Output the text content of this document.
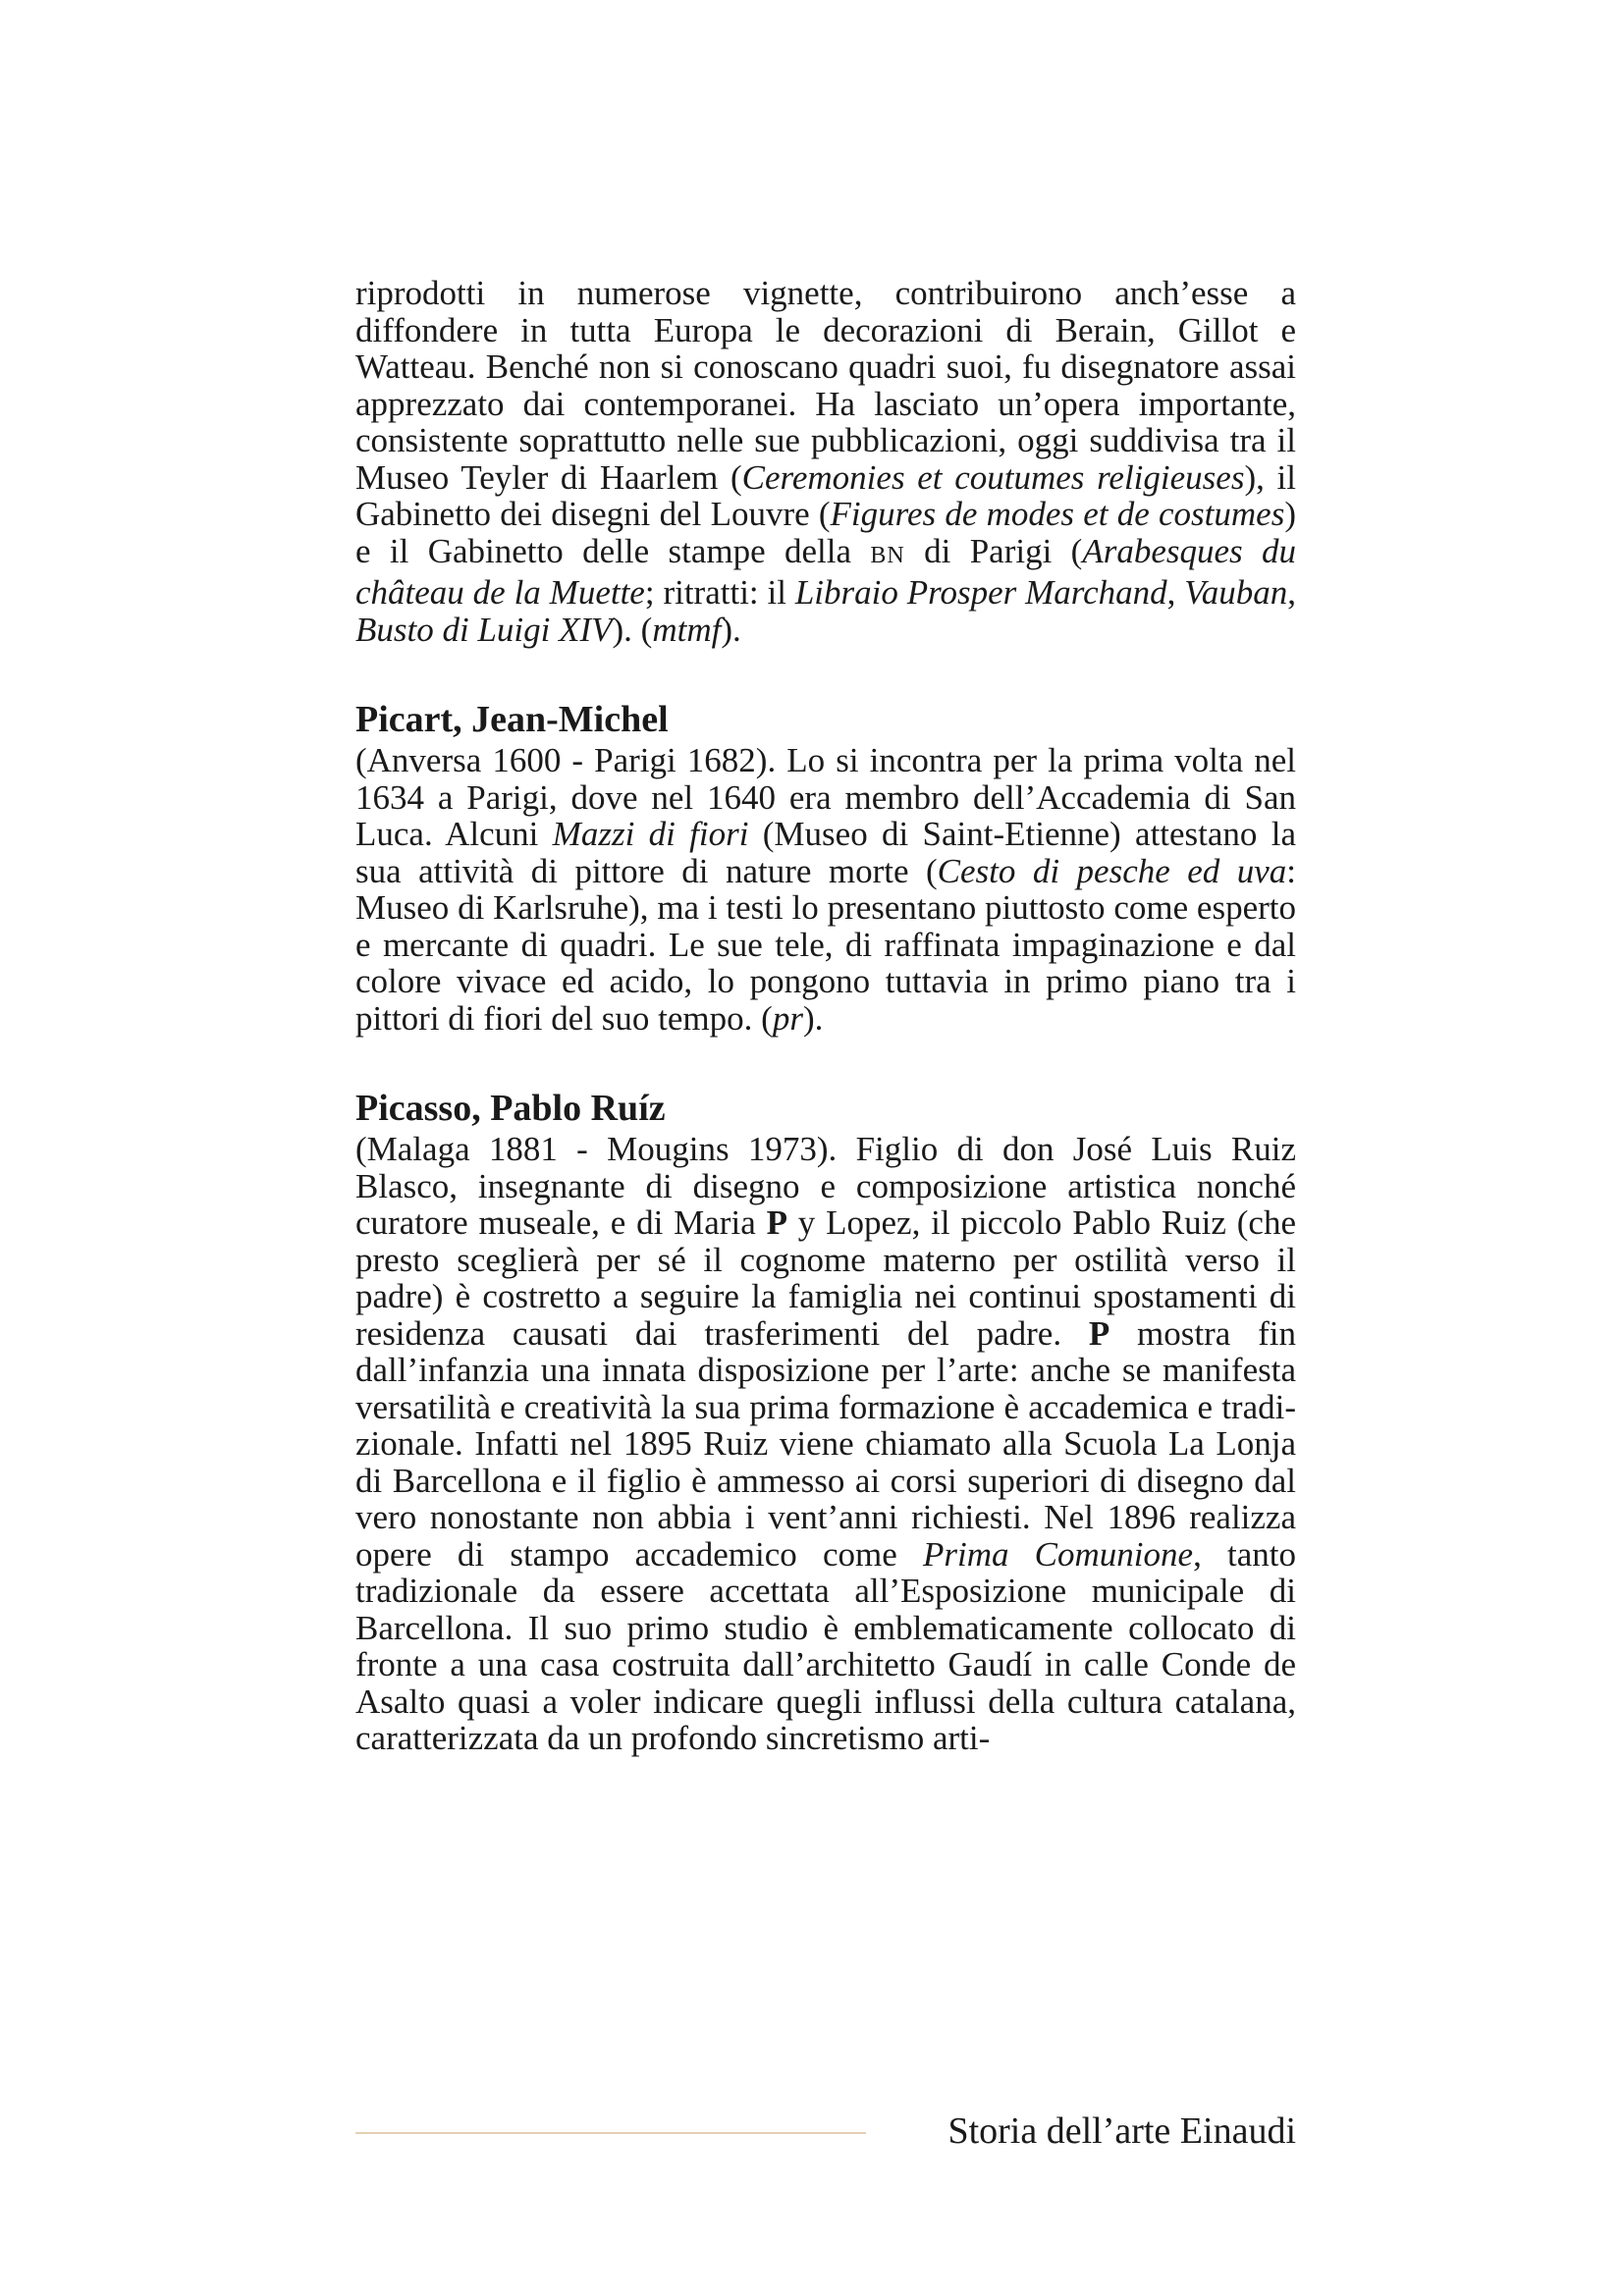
riprodotti in numerose vignette, contribuirono anch’esse a diffondere in tutta Europa le decorazioni di Berain, Gillot e Watteau. Benché non si conoscano quadri suoi, fu disegnatore assai apprezzato dai contemporanei. Ha lasciato un’opera importante, consistente soprattutto nelle sue pubblicazioni, oggi suddivisa tra il Museo Teyler di Haarlem (Ceremonies et coutumes religieuses), il Gabinetto dei disegni del Louvre (Figures de modes et de costumes) e il Gabinetto delle stampe della BN di Parigi (Arabesques du château de la Muette; ritratti: il Libraio Prosper Marchand, Vauban, Busto di Luigi XIV). (mtmf).

Picart, Jean-Michel

(Anversa 1600 - Parigi 1682). Lo si incontra per la prima volta nel 1634 a Parigi, dove nel 1640 era membro dell’Accademia di San Luca. Alcuni Mazzi di fiori (Museo di Saint-Etienne) attestano la sua attività di pittore di nature morte (Cesto di pesche ed uva: Museo di Karlsruhe), ma i testi lo presentano piuttosto come esperto e mercante di quadri. Le sue tele, di raffinata impaginazione e dal colore vivace ed acido, lo pongono tuttavia in primo piano tra i pittori di fiori del suo tempo. (pr).

Picasso, Pablo Ruíz

(Malaga 1881 - Mougins 1973). Figlio di don José Luis Ruiz Blasco, insegnante di disegno e composizione artistica nonché curatore museale, e di Maria P y Lopez, il piccolo Pablo Ruiz (che presto sceglierà per sé il cognome materno per ostilità verso il padre) è costretto a seguire la famiglia nei continui spostamenti di residenza causati dai trasferimenti del padre. P mostra fin dall’infanzia una innata disposizione per l’arte: anche se manifesta versatilità e creatività la sua prima formazione è accademica e tradizionale. Infatti nel 1895 Ruiz viene chiamato alla Scuola La Lonja di Barcellona e il figlio è ammesso ai corsi superiori di disegno dal vero nonostante non abbia i vent’anni richiesti. Nel 1896 realizza opere di stampo accademico come Prima Comunione, tanto tradizionale da essere accettata all’Esposizione municipale di Barcellona. Il suo primo studio è emblematicamente collocato di fronte a una casa costruita dall’architetto Gaudí in calle Conde de Asalto quasi a voler indicare quegli influssi della cultura catalana, caratterizzata da un profondo sincretismo arti-

Storia dell’arte Einaudi
